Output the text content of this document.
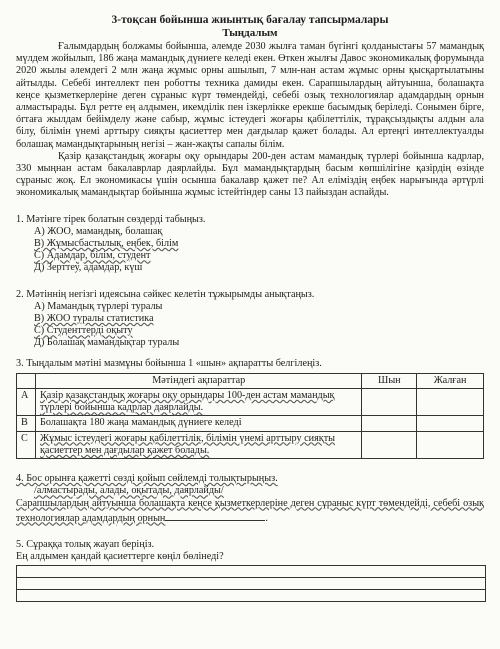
3-тоқсан бойынша жиынтық бағалау тапсырмалары
Тыңдалым

Ғалымдардың болжамы бойынша, әлемде 2030 жылға таман бүгінгі қолданыстағы 57 мамандық мүлдем жойылып, 186 жаңа мамандық дүниеге келеді екен. Өткен жылғы Давос экономикалық форумында 2020 жылы әлемдегі 2 млн жаңа жұмыс орны ашылып, 7 млн-нан астам жұмыс орны қысқартылатыны айтылды. Себебі интеллект пен роботты техника дамиды екен. Сарапшылардың айтуынша, болашақта кеңсе қызметкерлеріне деген сұраныс күрт төмендейді, себебі озық технологиялар адамдардың орнын алмастырады. Бұл ретте ең алдымен, икемділік пен ізкерлікке ерекше басымдық беріледі. Сонымен бірге, órтаға жылдам бейімделу және сабыр, жұмыс істеудегі жоғары қабілеттілік, тұрақсыздықты алдын ала білу, білімін үнемі арттыру сияқты қасиеттер мен дағдылар қажет болады. Ал ертеңгі интеллектуалды болашақ мамандықтарының негізі – жан-жақты сапалы білім.

Қазір қазақстандық жоғары оқу орындары 200-ден астам мамандық түрлері бойынша кадрлар, 330 мыңнан астам бакалаврлар даярлайды. Бұл мамандықтардың басым көпшілігіне қазірдің өзінде сұраныс жоқ. Ел экономикасы үшін осынша бакалавр қажет пе? Ал еліміздің еңбек нарығында әртүрлі экономикалық мамандықтар бойынша жұмыс істейтіндер саны 13 пайыздан аспайды.

1. Мәтінге тірек болатын сөздерді табыңыз.

А) ЖОО, мамандық, болашақ

В) Жұмысбастылық, еңбек, білім

С) Адамдар, білім, студент

Д) Зерттеу, адамдар, күш

2. Мәтіннің негізгі идеясына сәйкес келетін тұжырымды анықтаңыз.

А) Мамандық түрлері туралы

В) ЖОО туралы статистика

С) Студенттерді оқыту

Д) Болашақ мамандықтар туралы

3. Тыңдалым мәтіні мазмұны бойынша 1 «шын» ақпаратты белгілеңіз.

	Мәтіндегі ақпараттар	Шын	Жалған
А	Қазір қазақстандық жоғары оқу орындары 100-ден астам мамандық түрлері бойынша кадрлар даярлайды.		
В	Болашақта 180 жаңа мамандық дүниеге келеді		
С	Жұмыс істеудегі жоғары қабілеттілік, білімін үнемі арттыру сияқты қасиеттер мен дағдылар қажет болады.		

4. Бос орынға қажетті сөзді қойып сөйлемді толықтырыңыз.

/алмастырады, алады, оқытады, даярлайды/

Сарапшылардың айтуынша болашақта кеңсе қызметкерлеріне деген сұраныс күрт төмендейді, себебі озық технологиялар адамдардың орнын	.

5. Сұраққа толық жауап беріңіз.

Ең алдымен қандай қасиеттерге көңіл бөлінеді?
